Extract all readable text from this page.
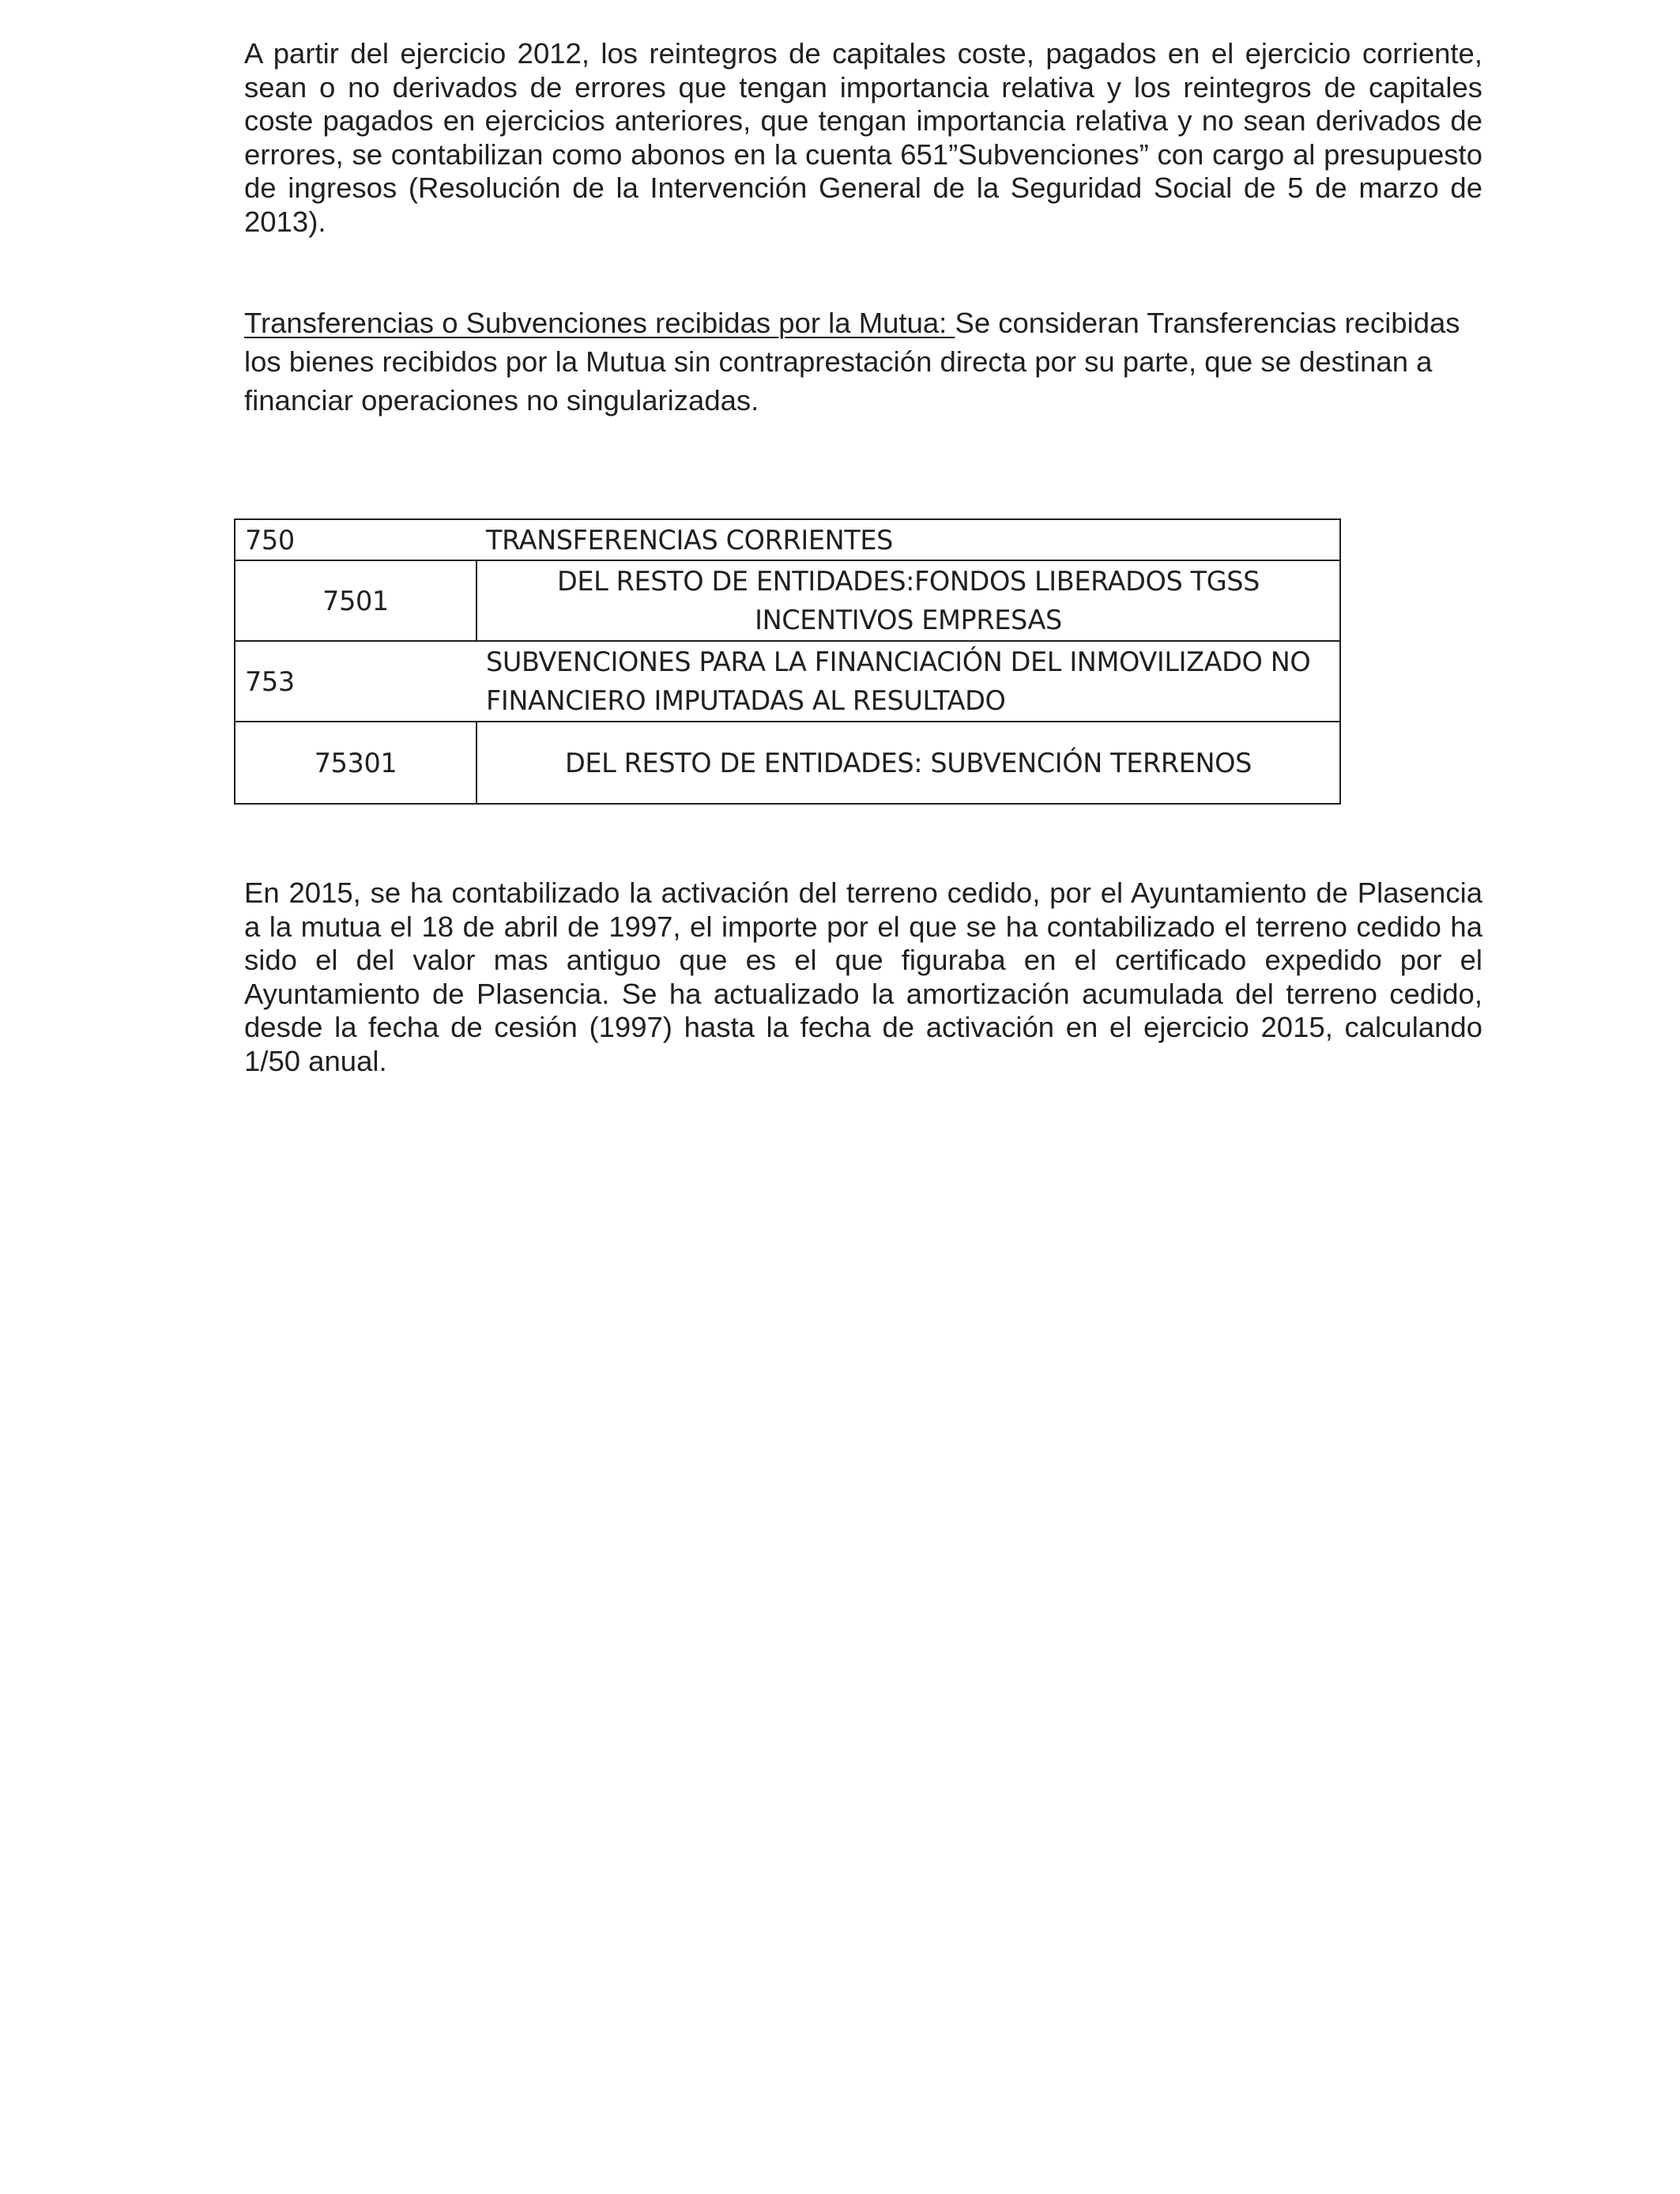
A partir del ejercicio 2012, los reintegros de capitales coste, pagados en el ejercicio corriente, sean o no derivados de errores que tengan importancia relativa y los reintegros de capitales coste pagados en ejercicios anteriores, que tengan importancia relativa y no sean derivados de errores, se contabilizan como abonos en la cuenta 651”Subvenciones” con cargo al presupuesto de ingresos (Resolución de la Intervención General de la Seguridad Social de 5 de marzo de 2013).

Transferencias o Subvenciones recibidas por la Mutua: Se consideran Transferencias recibidas los bienes recibidos por la Mutua sin contraprestación directa por su parte, que se destinan a financiar operaciones no singularizadas.

750	TRANSFERENCIAS CORRIENTES
7501	DEL RESTO DE ENTIDADES:FONDOS LIBERADOS TGSS
INCENTIVOS EMPRESAS

753	SUBVENCIONES PARA LA FINANCIACIÓN DEL INMOVILIZADO NO
FINANCIERO IMPUTADAS AL RESULTADO

75301	DEL RESTO DE ENTIDADES: SUBVENCIÓN TERRENOS

En 2015, se ha contabilizado la activación del terreno cedido, por el Ayuntamiento de Plasencia a la mutua el 18 de abril de 1997, el importe por el que se ha contabilizado el terreno cedido ha sido el del valor mas antiguo que es el que figuraba en el certificado expedido por el Ayuntamiento de Plasencia. Se ha actualizado la amortización acumulada del terreno cedido, desde la fecha de cesión (1997) hasta la fecha de activación en el ejercicio 2015, calculando 1/50 anual.
